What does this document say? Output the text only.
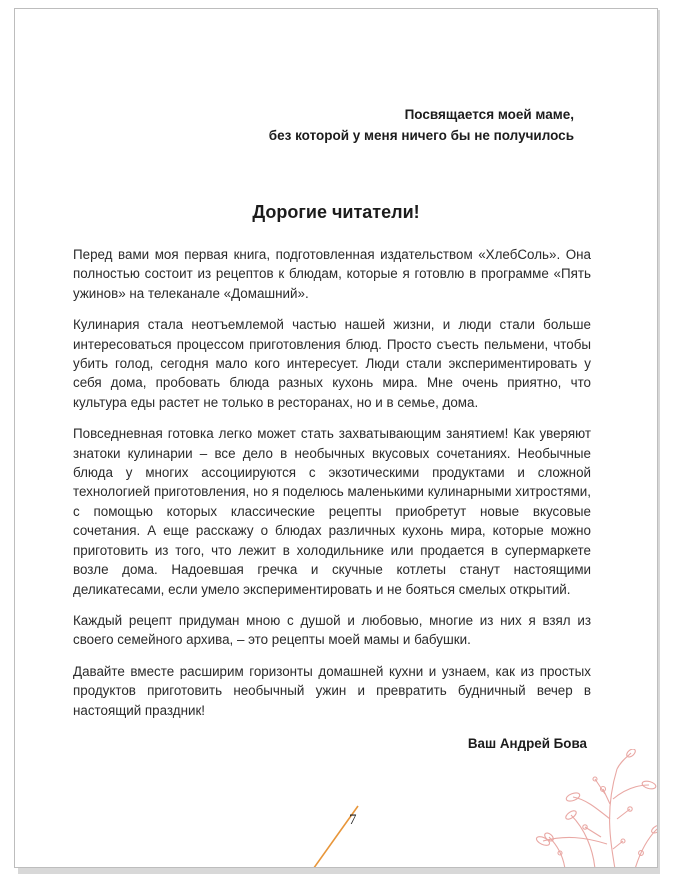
Посвящается моей маме,
без которой у меня ничего бы не получилось
Дорогие читатели!

Перед вами моя первая книга, подготовленная издательством «ХлебСоль». Она полностью состоит из рецептов к блюдам, которые я готовлю в программе «Пять ужинов» на телеканале «Домашний».

Кулинария стала неотъемлемой частью нашей жизни, и люди стали больше интересоваться процессом приготовления блюд. Просто съесть пельмени, чтобы убить голод, сегодня мало кого интересует. Люди стали экспериментировать у себя дома, пробовать блюда разных кухонь мира. Мне очень приятно, что культура еды растет не только в ресторанах, но и в семье, дома.

Повседневная готовка легко может стать захватывающим занятием! Как уверяют знатоки кулинарии – все дело в необычных вкусовых сочетаниях. Необычные блюда у многих ассоциируются с экзотическими продуктами и сложной технологией приготовления, но я поделюсь маленькими кулинарными хитростями, с помощью которых классические рецепты приобретут новые вкусовые сочетания. А еще расскажу о блюдах различных кухонь мира, которые можно приготовить из того, что лежит в холодильнике или продается в супермаркете возле дома. Надоевшая гречка и скучные котлеты станут настоящими деликатесами, если умело экспериментировать и не бояться смелых открытий.

Каждый рецепт придуман мною с душой и любовью, многие из них я взял из своего семейного архива, – это рецепты моей мамы и бабушки.

Давайте вместе расширим горизонты домашней кухни и узнаем, как из простых продуктов приготовить необычный ужин и превратить будничный вечер в настоящий праздник!

Ваш Андрей Бова
7
